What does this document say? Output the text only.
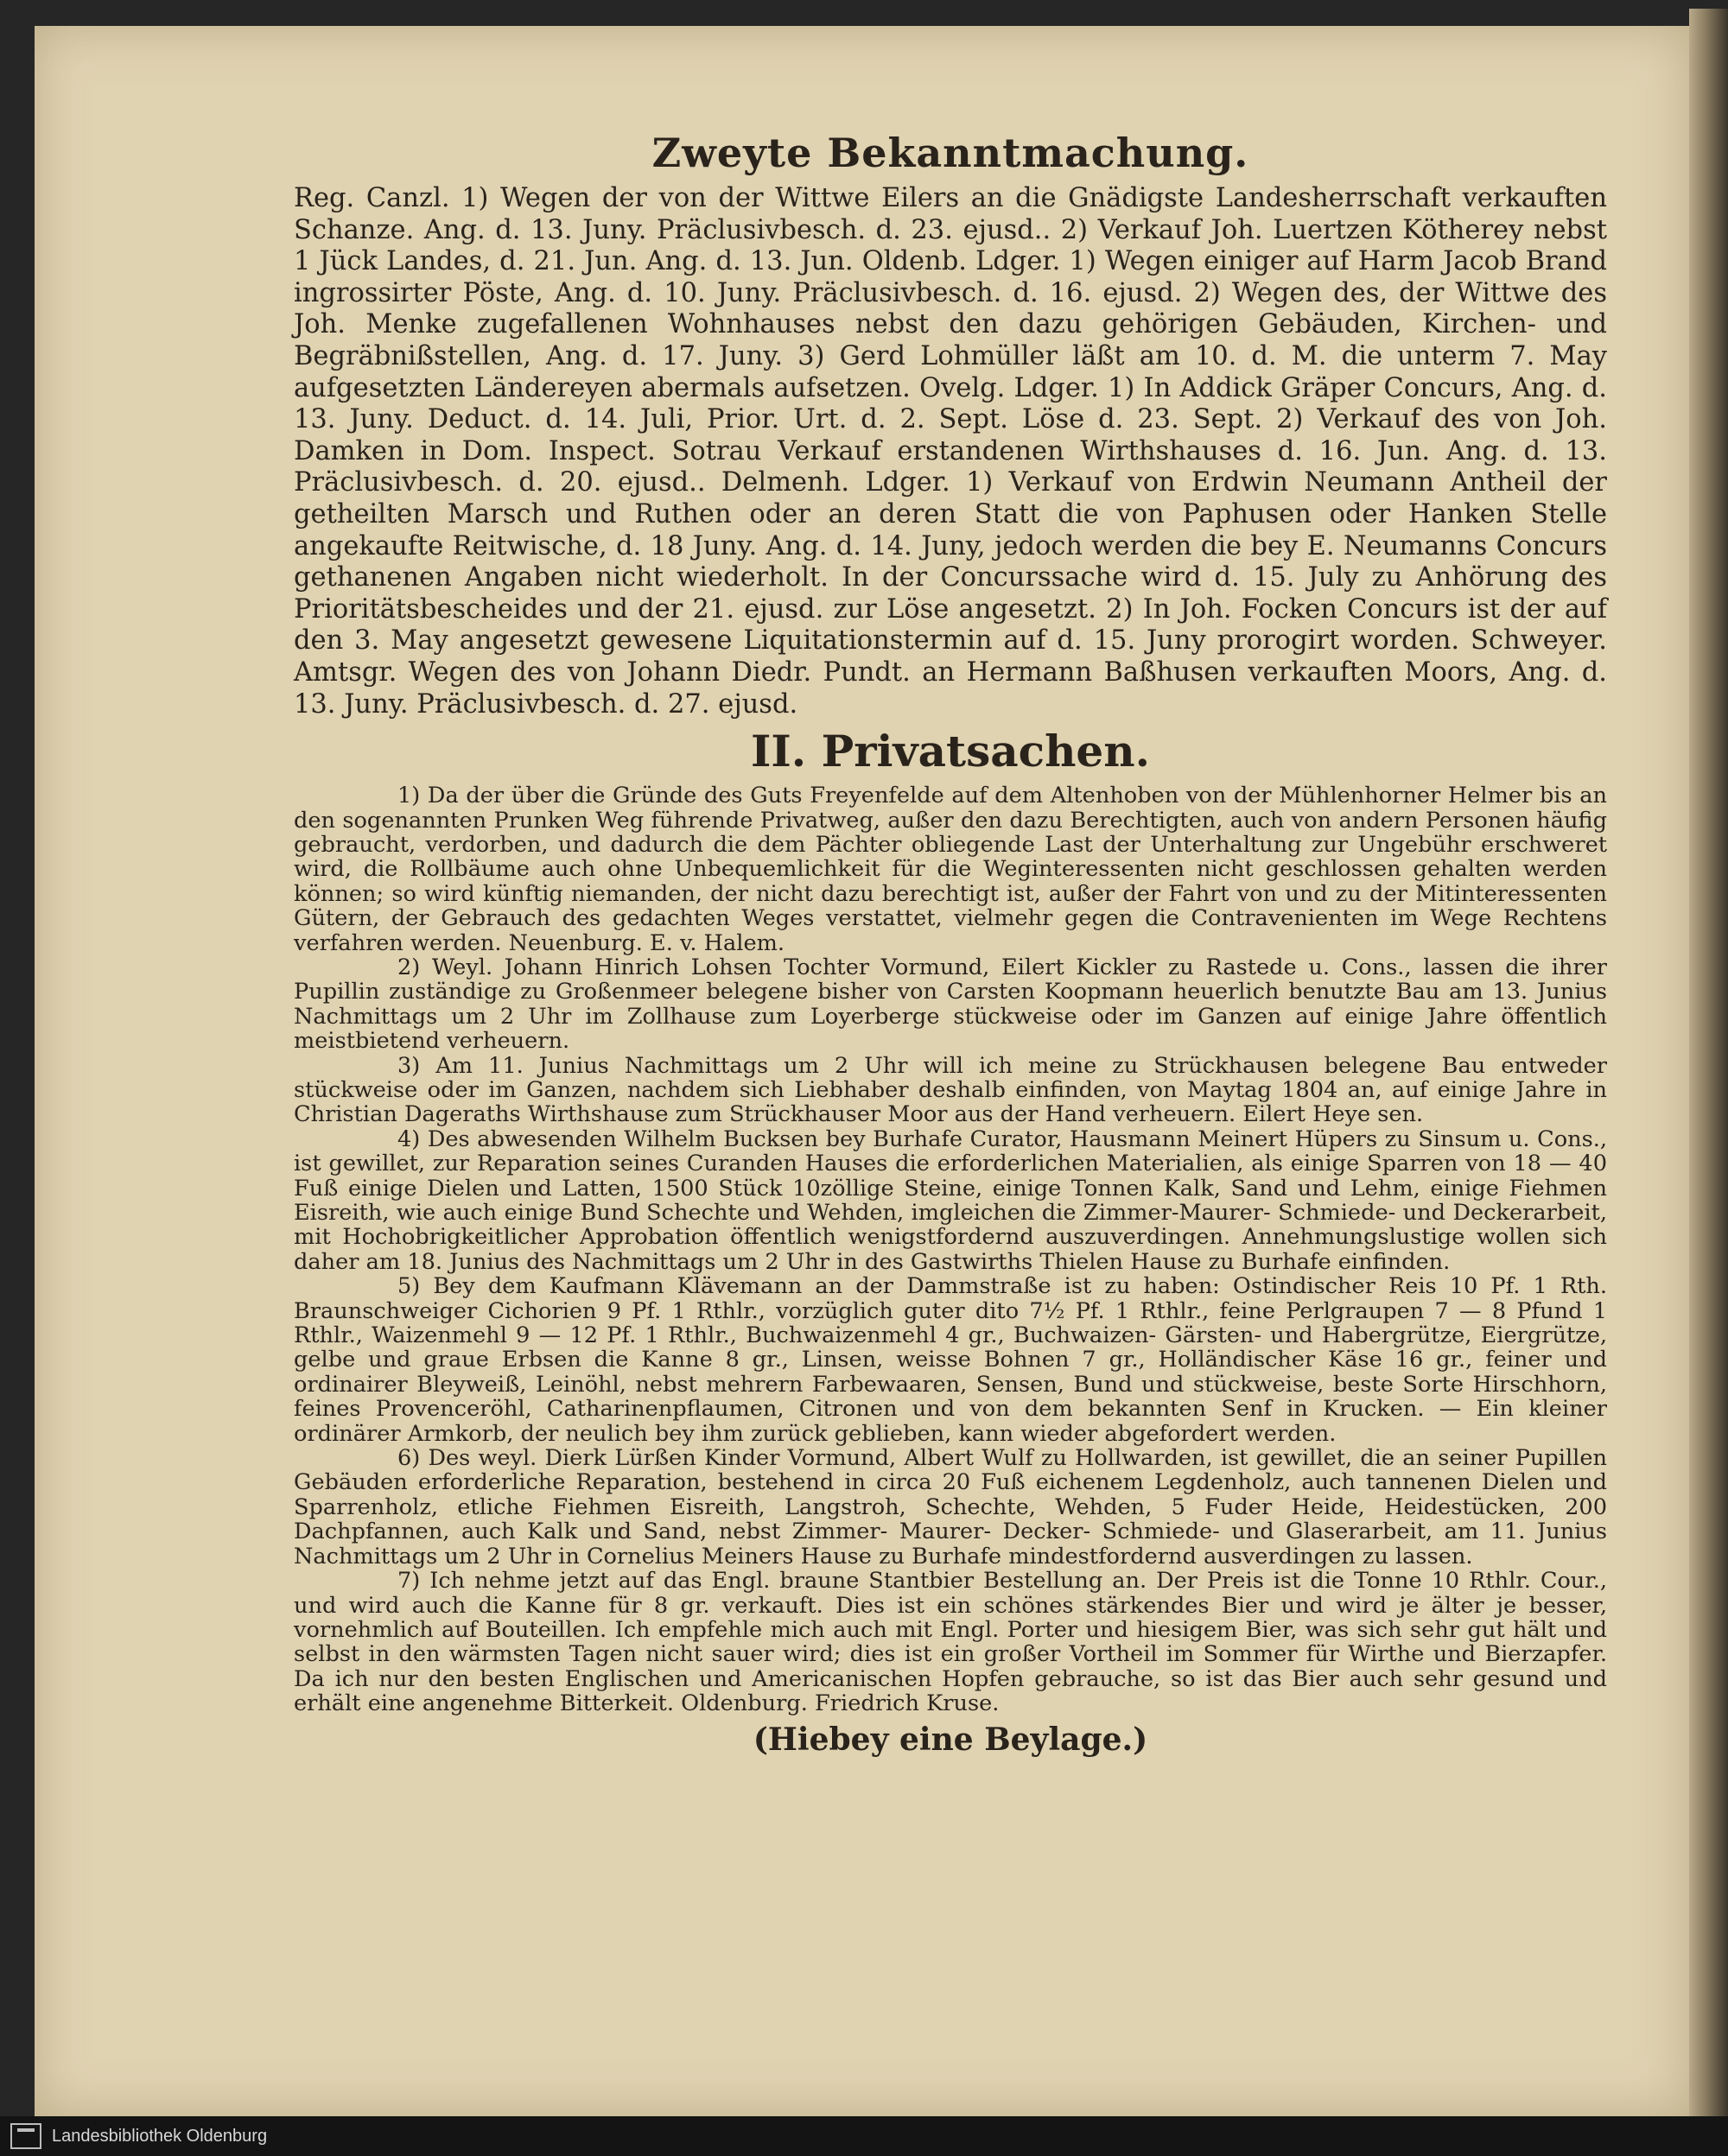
Zweyte Bekanntmachung.

Reg. Canzl. 1) Wegen der von der Wittwe Eilers an die Gnädigste Landesherrschaft verkauften Schanze. Ang. d. 13. Juny. Präclusivbesch. d. 23. ejusd.. 2) Verkauf Joh. Luertzen Kötherey nebst 1 Jück Landes, d. 21. Jun. Ang. d. 13. Jun. Oldenb. Ldger. 1) Wegen einiger auf Harm Jacob Brand ingrossirter Pöste, Ang. d. 10. Juny. Präclusivbesch. d. 16. ejusd. 2) Wegen des, der Wittwe des Joh. Menke zugefallenen Wohnhauses nebst den dazu gehörigen Gebäuden, Kirchen- und Begräbnißstellen, Ang. d. 17. Juny. 3) Gerd Lohmüller läßt am 10. d. M. die unterm 7. May aufgesetzten Ländereyen abermals aufsetzen. Ovelg. Ldger. 1) In Addick Gräper Concurs, Ang. d. 13. Juny. Deduct. d. 14. Juli, Prior. Urt. d. 2. Sept. Löse d. 23. Sept. 2) Verkauf des von Joh. Damken in Dom. Inspect. Sotrau Verkauf erstandenen Wirthshauses d. 16. Jun. Ang. d. 13. Präclusivbesch. d. 20. ejusd.. Delmenh. Ldger. 1) Verkauf von Erdwin Neumann Antheil der getheilten Marsch und Ruthen oder an deren Statt die von Paphusen oder Hanken Stelle angekaufte Reitwische, d. 18 Juny. Ang. d. 14. Juny, jedoch werden die bey E. Neumanns Concurs gethanenen Angaben nicht wiederholt. In der Concurssache wird d. 15. July zu Anhörung des Prioritätsbescheides und der 21. ejusd. zur Löse angesetzt. 2) In Joh. Focken Concurs ist der auf den 3. May angesetzt gewesene Liquitationstermin auf d. 15. Juny prorogirt worden. Schweyer. Amtsgr. Wegen des von Johann Diedr. Pundt. an Hermann Baßhusen verkauften Moors, Ang. d. 13. Juny. Präclusivbesch. d. 27. ejusd.

II. Privatsachen.

1) Da der über die Gründe des Guts Freyenfelde auf dem Altenhoben von der Mühlenhorner Helmer bis an den sogenannten Prunken Weg führende Privatweg, außer den dazu Berechtigten, auch von andern Personen häufig gebraucht, verdorben, und dadurch die dem Pächter obliegende Last der Unterhaltung zur Ungebühr erschweret wird, die Rollbäume auch ohne Unbequemlichkeit für die Weginteressenten nicht geschlossen gehalten werden können; so wird künftig niemanden, der nicht dazu berechtigt ist, außer der Fahrt von und zu der Mitinteressenten Gütern, der Gebrauch des gedachten Weges verstattet, vielmehr gegen die Contravenienten im Wege Rechtens verfahren werden. Neuenburg. E. v. Halem.

2) Weyl. Johann Hinrich Lohsen Tochter Vormund, Eilert Kickler zu Rastede u. Cons., lassen die ihrer Pupillin zuständige zu Großenmeer belegene bisher von Carsten Koopmann heuerlich benutzte Bau am 13. Junius Nachmittags um 2 Uhr im Zollhause zum Loyerberge stückweise oder im Ganzen auf einige Jahre öffentlich meistbietend verheuern.

3) Am 11. Junius Nachmittags um 2 Uhr will ich meine zu Strückhausen belegene Bau entweder stückweise oder im Ganzen, nachdem sich Liebhaber deshalb einfinden, von Maytag 1804 an, auf einige Jahre in Christian Dageraths Wirthshause zum Strückhauser Moor aus der Hand verheuern. Eilert Heye sen.

4) Des abwesenden Wilhelm Bucksen bey Burhafe Curator, Hausmann Meinert Hüpers zu Sinsum u. Cons., ist gewillet, zur Reparation seines Curanden Hauses die erforderlichen Materialien, als einige Sparren von 18 — 40 Fuß einige Dielen und Latten, 1500 Stück 10zöllige Steine, einige Tonnen Kalk, Sand und Lehm, einige Fiehmen Eisreith, wie auch einige Bund Schechte und Wehden, imgleichen die Zimmer-Maurer- Schmiede- und Deckerarbeit, mit Hochobrigkeitlicher Approbation öffentlich wenigstfordernd auszuverdingen. Annehmungslustige wollen sich daher am 18. Junius des Nachmittags um 2 Uhr in des Gastwirths Thielen Hause zu Burhafe einfinden.

5) Bey dem Kaufmann Klävemann an der Dammstraße ist zu haben: Ostindischer Reis 10 Pf. 1 Rth. Braunschweiger Cichorien 9 Pf. 1 Rthlr., vorzüglich guter dito 7½ Pf. 1 Rthlr., feine Perlgraupen 7 — 8 Pfund 1 Rthlr., Waizenmehl 9 — 12 Pf. 1 Rthlr., Buchwaizenmehl 4 gr., Buchwaizen- Gärsten- und Habergrütze, Eiergrütze, gelbe und graue Erbsen die Kanne 8 gr., Linsen, weisse Bohnen 7 gr., Holländischer Käse 16 gr., feiner und ordinairer Bleyweiß, Leinöhl, nebst mehrern Farbewaaren, Sensen, Bund und stückweise, beste Sorte Hirschhorn, feines Provenceröhl, Catharinenpflaumen, Citronen und von dem bekannten Senf in Krucken. — Ein kleiner ordinärer Armkorb, der neulich bey ihm zurück geblieben, kann wieder abgefordert werden.

6) Des weyl. Dierk Lürßen Kinder Vormund, Albert Wulf zu Hollwarden, ist gewillet, die an seiner Pupillen Gebäuden erforderliche Reparation, bestehend in circa 20 Fuß eichenem Legdenholz, auch tannenen Dielen und Sparrenholz, etliche Fiehmen Eisreith, Langstroh, Schechte, Wehden, 5 Fuder Heide, Heidestücken, 200 Dachpfannen, auch Kalk und Sand, nebst Zimmer- Maurer- Decker- Schmiede- und Glaserarbeit, am 11. Junius Nachmittags um 2 Uhr in Cornelius Meiners Hause zu Burhafe mindestfordernd ausverdingen zu lassen.

7) Ich nehme jetzt auf das Engl. braune Stantbier Bestellung an. Der Preis ist die Tonne 10 Rthlr. Cour., und wird auch die Kanne für 8 gr. verkauft. Dies ist ein schönes stärkendes Bier und wird je älter je besser, vornehmlich auf Bouteillen. Ich empfehle mich auch mit Engl. Porter und hiesigem Bier, was sich sehr gut hält und selbst in den wärmsten Tagen nicht sauer wird; dies ist ein großer Vortheil im Sommer für Wirthe und Bierzapfer. Da ich nur den besten Englischen und Americanischen Hopfen gebrauche, so ist das Bier auch sehr gesund und erhält eine angenehme Bitterkeit. Oldenburg. Friedrich Kruse.

(Hiebey eine Beylage.)
Landesbibliothek Oldenburg
